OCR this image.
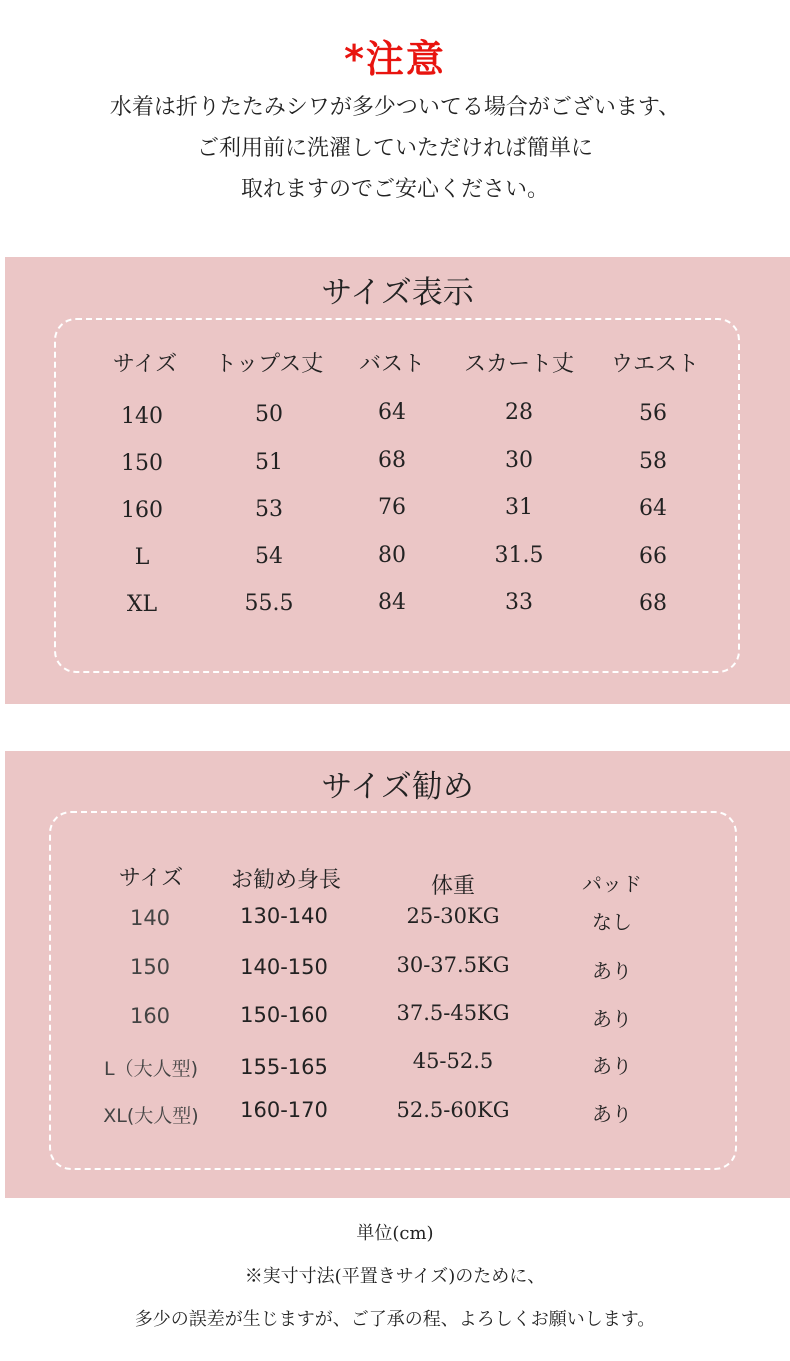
*注意
水着は折りたたみシワが多少ついてる場合がございます、
ご利用前に洗濯していただければ簡単に
取れますのでご安心ください。
サイズ表示
サイズ トップス丈 バスト スカート丈 ウエスト
140	50	64	28	56
150	51	68	30	58
160	53	76	31	64
L	54	80	31.5	66
XL	55.5	84	33	68
サイズ勧め
サイズ お勧め身長	体重	パッド
140	130-140	25-30KG	なし
150	140-150	30-37.5KG	あり
160	150-160	37.5-45KG	あり
L（大人型) 155-165	45-52.5	あり
XL(大人型) 160-170	52.5-60KG	あり
単位(cm)
※実寸寸法(平置きサイズ)のために、
多少の誤差が生じますが、ご了承の程、よろしくお願いします。
